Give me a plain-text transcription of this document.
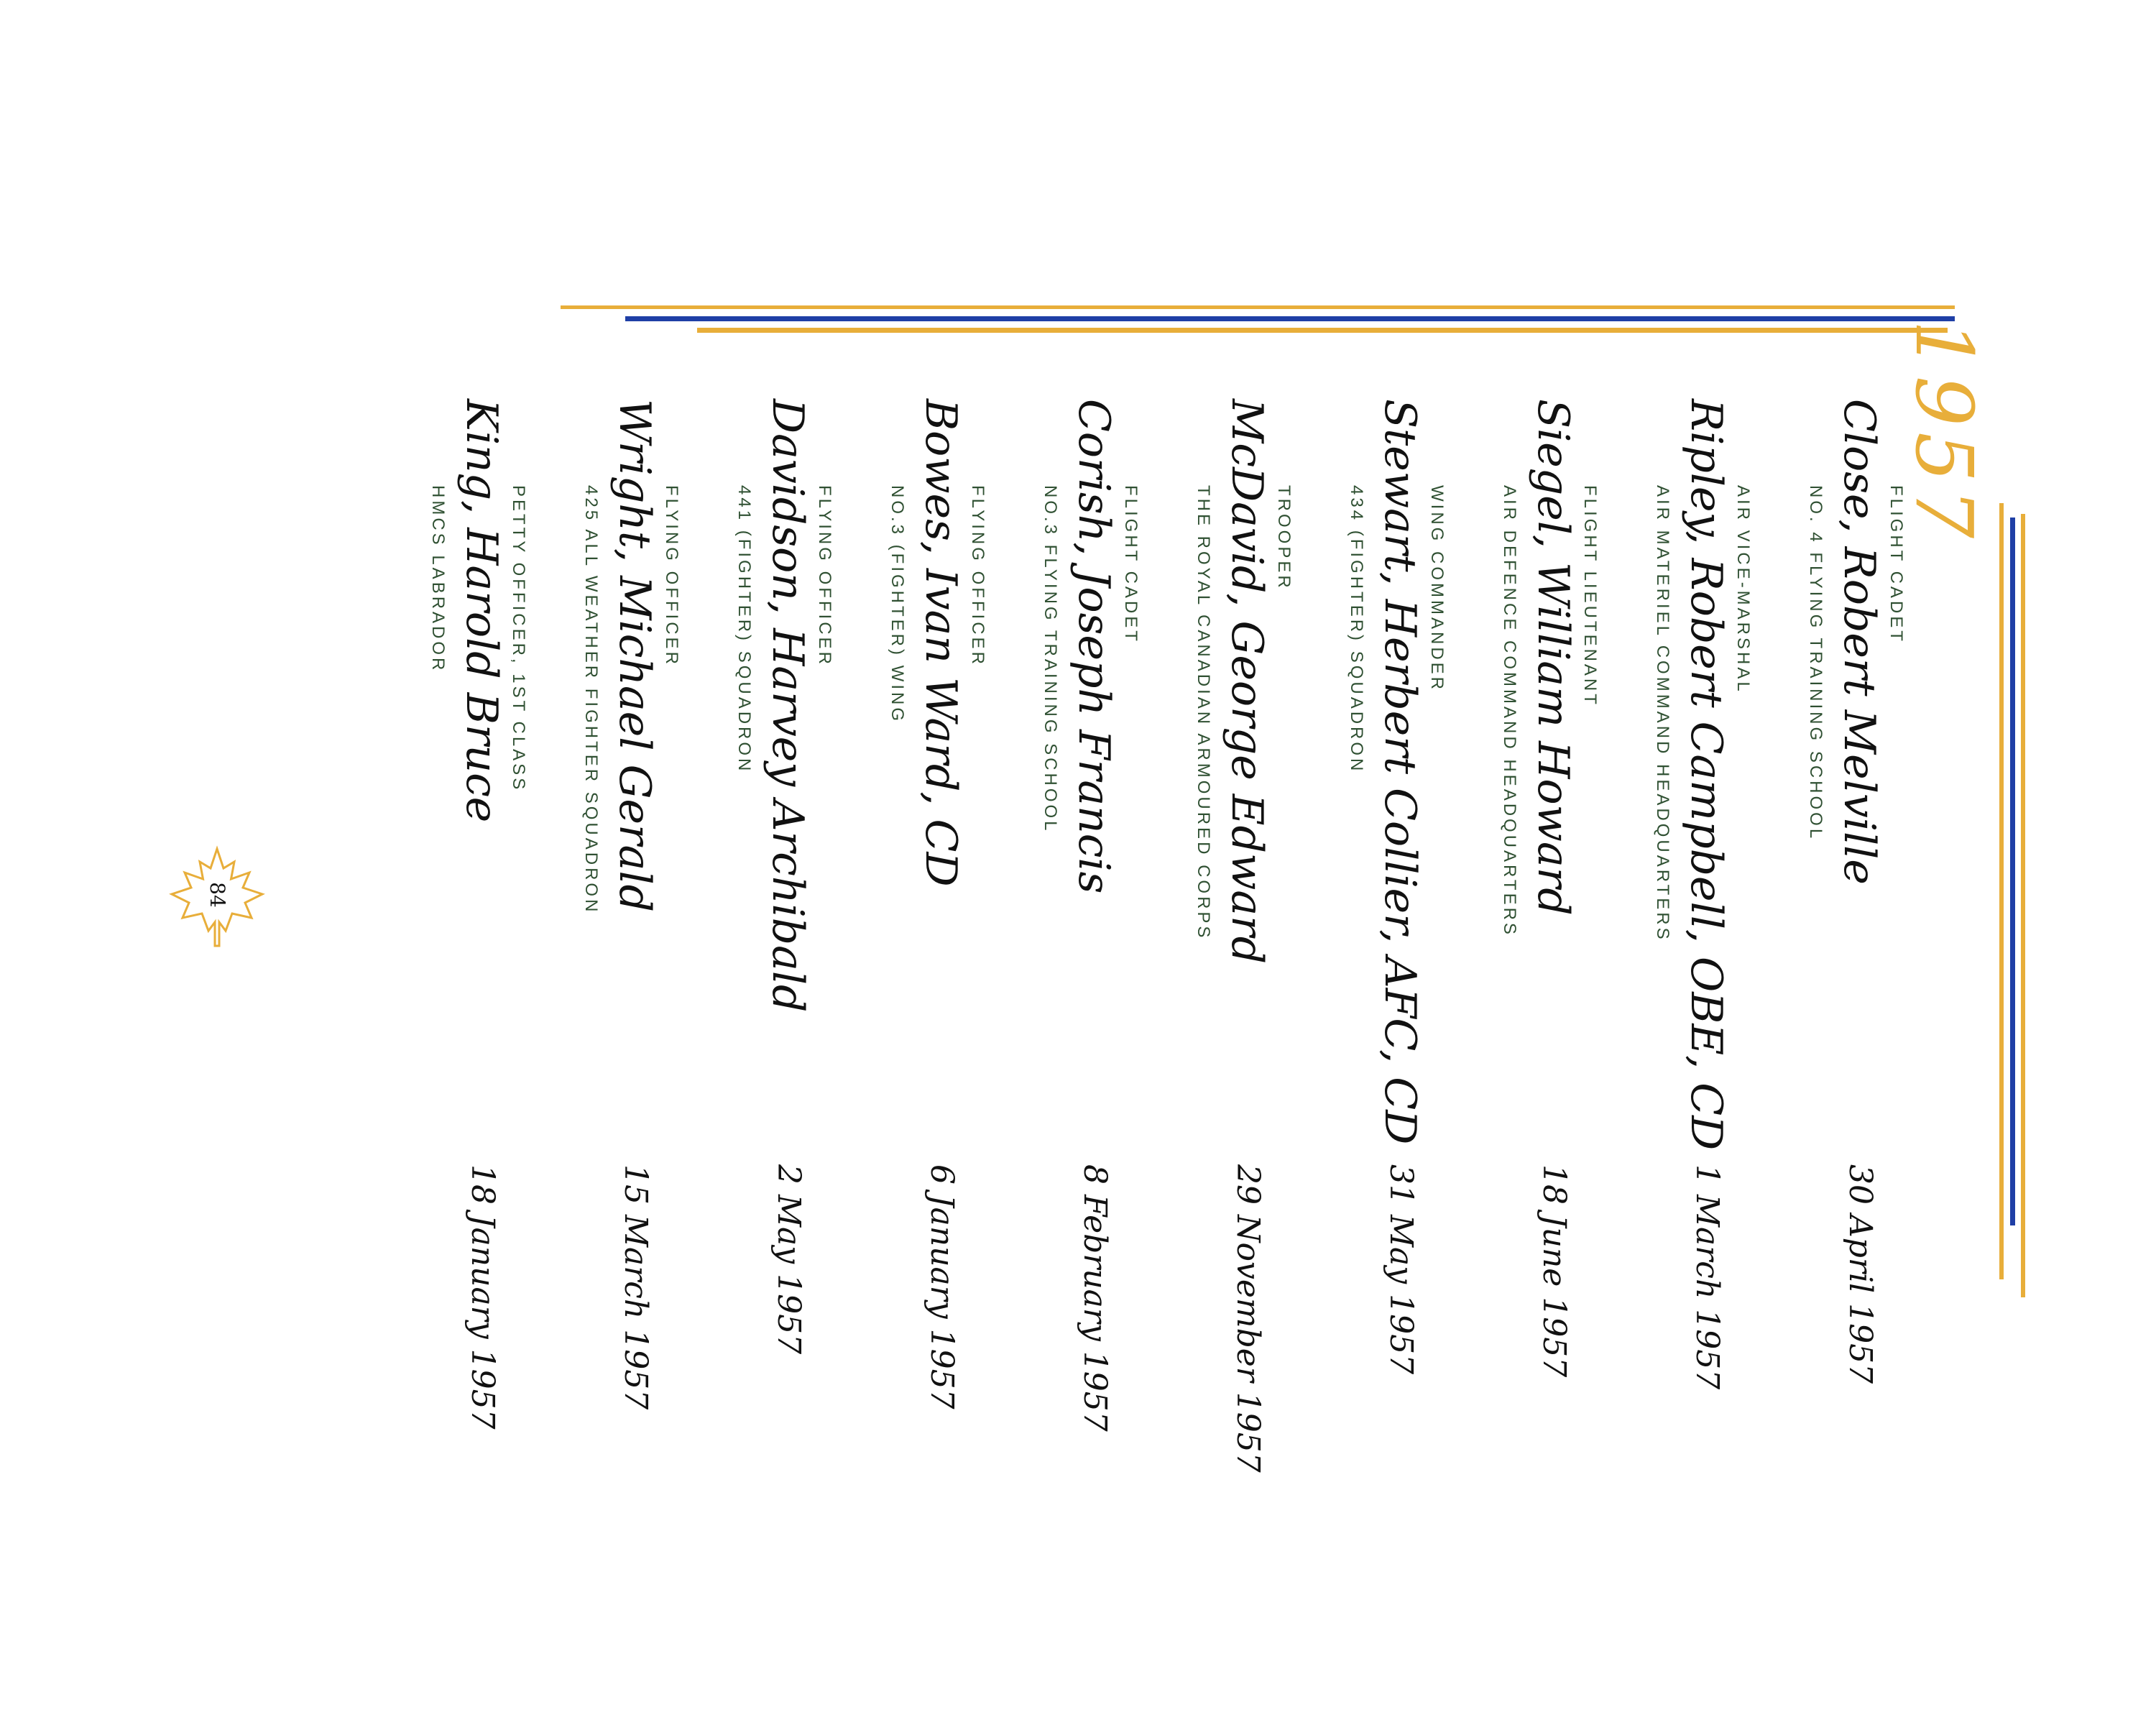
1957
FLIGHT CADET
Close, Robert Melville
NO. 4 FLYING TRAINING SCHOOL
30 April 1957
AIR VICE-MARSHAL
Ripley, Robert Campbell, OBE, CD
AIR MATERIEL COMMAND HEADQUARTERS
1 March 1957
FLIGHT LIEUTENANT
Siegel, William Howard
AIR DEFENCE COMMAND HEADQUARTERS
18 June 1957
WING COMMANDER
Stewart, Herbert Collier, AFC, CD
434 (FIGHTER) SQUADRON
31 May 1957
TROOPER
McDavid, George Edward
THE ROYAL CANADIAN ARMOURED CORPS
29 November 1957
FLIGHT CADET
Corish, Joseph Francis
NO.3 FLYING TRAINING SCHOOL
8 February 1957
FLYING OFFICER
Bowes, Ivan Ward, CD
NO.3 (FIGHTER) WING
6 January 1957
FLYING OFFICER
Davidson, Harvey Archibald
441 (FIGHTER) SQUADRON
2 May 1957
FLYING OFFICER
Wright, Michael Gerald
425 ALL WEATHER FIGHTER SQUADRON
15 March 1957
PETTY OFFICER, 1ST CLASS
King, Harold Bruce
HMCS LABRADOR
18 January 1957
84
